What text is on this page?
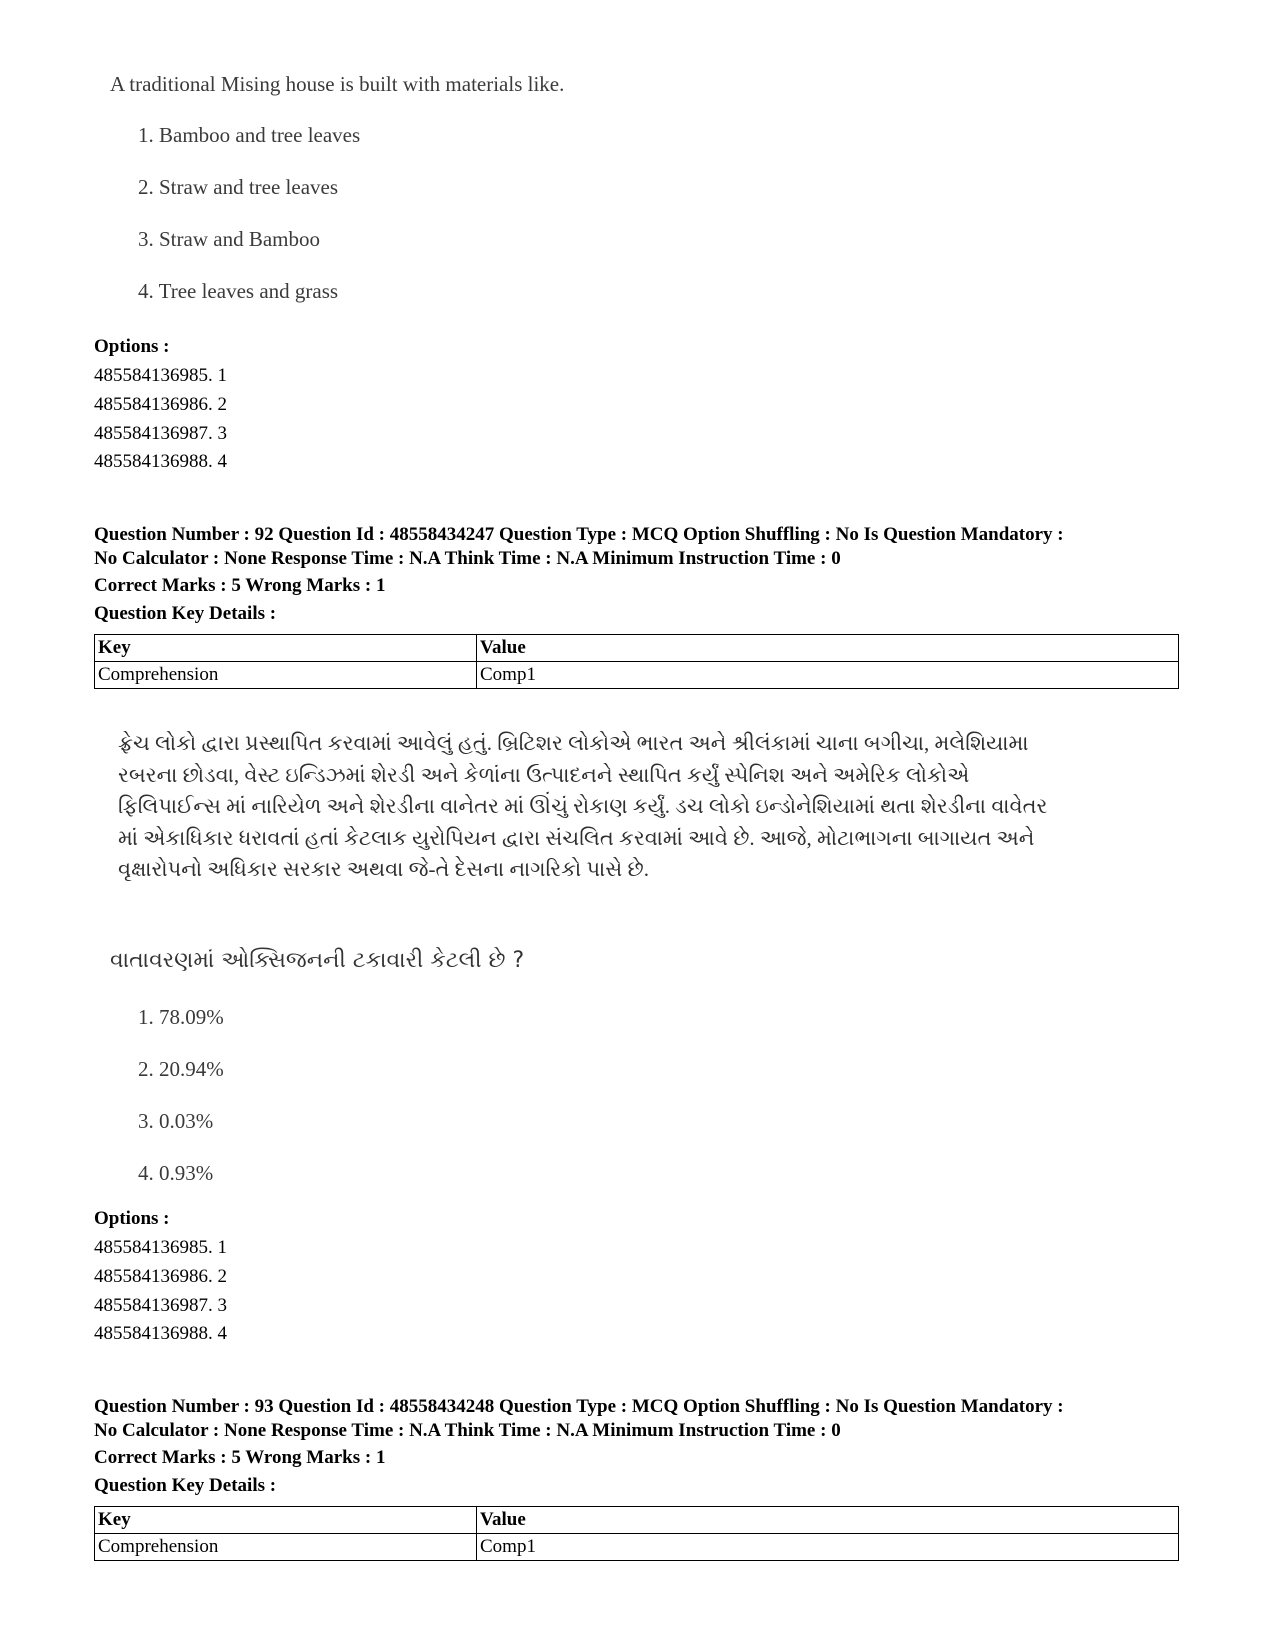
A traditional Mising house is built with materials like.
1. Bamboo and tree leaves
2. Straw and tree leaves
3. Straw and Bamboo
4. Tree leaves and grass
Options :
485584136985. 1
485584136986. 2
485584136987. 3
485584136988. 4
Question Number : 92 Question Id : 48558434247 Question Type : MCQ Option Shuffling : No Is Question Mandatory :
No Calculator : None Response Time : N.A Think Time : N.A Minimum Instruction Time : 0
Correct Marks : 5 Wrong Marks : 1
Question Key Details :
Key	Value
Comprehension	Comp1
ફ્રેચ લોકો દ્વારા પ્રસ્થાપિત કરવામાં આવેલું હતું. બ્રિટિશર લોકોએ ભારત અને શ્રીલંકામાં ચાના બગીચા, મલેશિયામા
રબરના છોડવા, વેસ્ટ ઇન્ડિઝમાં શેરડી અને કેળાંના ઉત્પાદનને સ્થાપિત કર્યું સ્પેનિશ અને અમેરિક લોકોએ
ફિલિપાઈન્સ માં નારિયેળ અને શેરડીના વાનેતર માં ઊંચું રોકાણ કર્યું. ડચ લોકો ઇન્ડોનેશિયામાં થતા શેરડીના વાવેતર
માં એકાધિકાર ધરાવતાં હતાં કેટલાક યુરોપિયન દ્વારા સંચલિત કરવામાં આવે છે. આજે, મોટાભાગના બાગાયત અને
વૃક્ષારોપનો અધિકાર સરકાર અથવા જે-તે દેસના નાગરિકો પાસે છે.
વાતાવરણમાં ઓક્સિજનની ટકાવારી કેટલી છે ?
1. 78.09%
2. 20.94%
3. 0.03%
4. 0.93%
Options :
485584136985. 1
485584136986. 2
485584136987. 3
485584136988. 4
Question Number : 93 Question Id : 48558434248 Question Type : MCQ Option Shuffling : No Is Question Mandatory :
No Calculator : None Response Time : N.A Think Time : N.A Minimum Instruction Time : 0
Correct Marks : 5 Wrong Marks : 1
Question Key Details :
Key	Value
Comprehension	Comp1
